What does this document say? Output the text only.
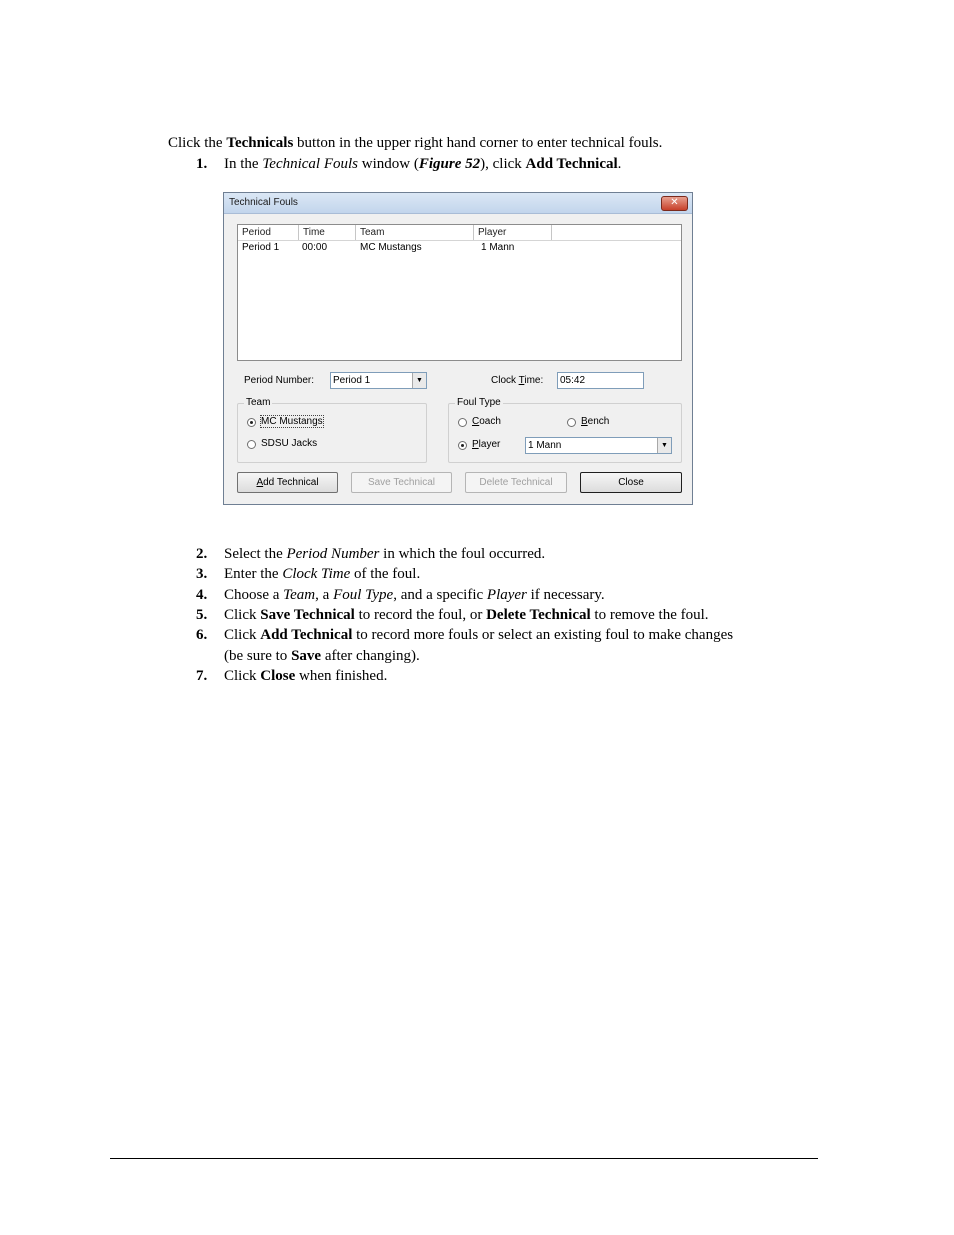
Click the Technicals button in the upper right hand corner to enter technical fouls.
1. In the Technical Fouls window (Figure 52), click Add Technical.
Technical Fouls	✕
Period	Time	Team	Player
Period 1 00:00	MC Mustangs	1 Mann
Period Number:	Period 1	▼	Clock Time:	05:42
Team
MC Mustangs
SDSU Jacks
Foul Type
Coach	Bench
Player	1 Mann	▼
Add Technical	Save Technical	Delete Technical	Close
2. Select the Period Number in which the foul occurred.
3. Enter the Clock Time of the foul.
4. Choose a Team, a Foul Type, and a specific Player if necessary.
5. Click Save Technical to record the foul, or Delete Technical to remove the foul.
6. Click Add Technical to record more fouls or select an existing foul to make changes
(be sure to Save after changing).
7. Click Close when finished.
